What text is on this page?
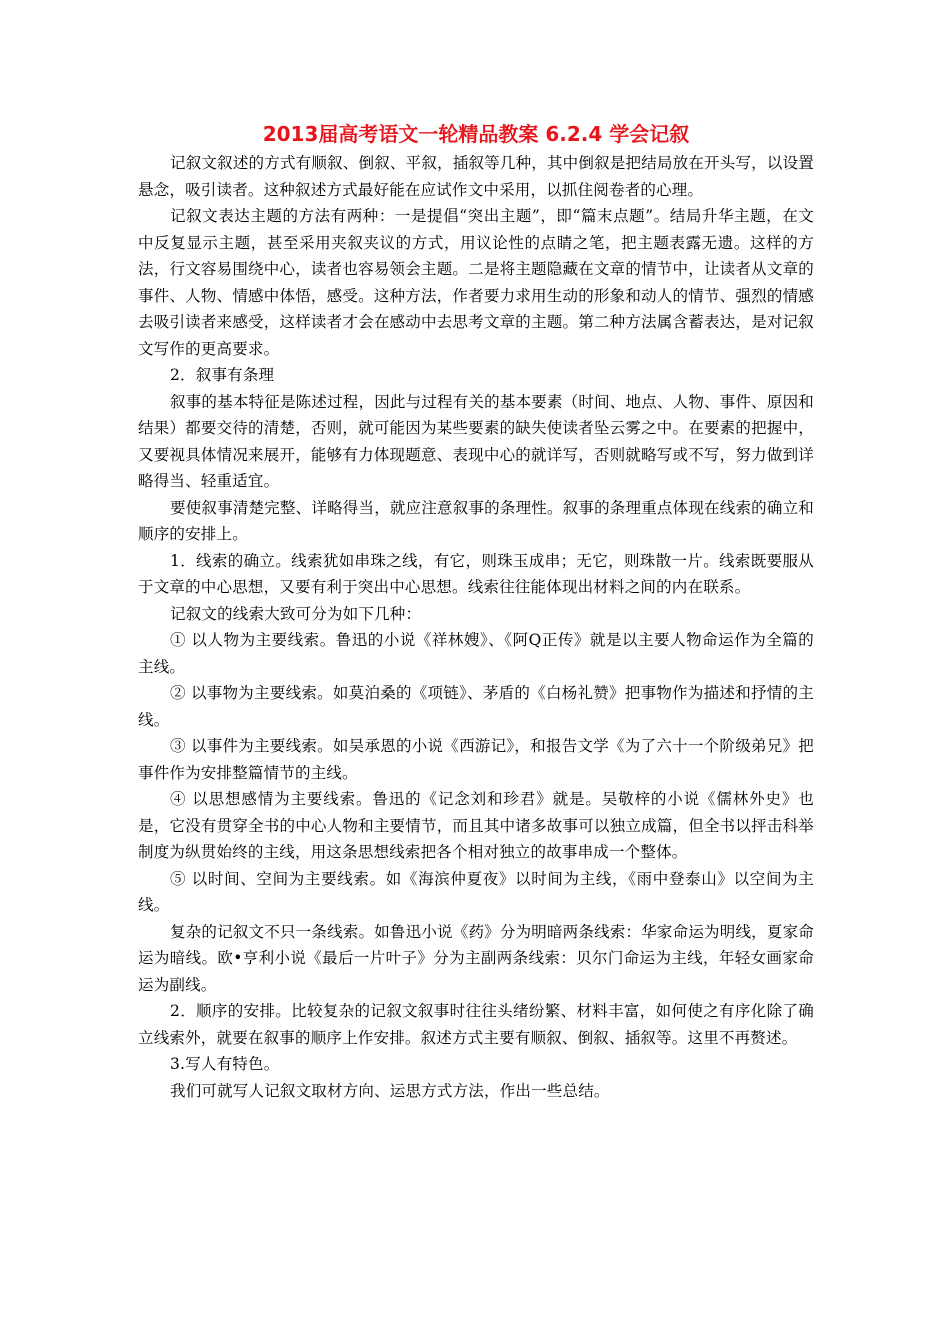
2013届高考语文一轮精品教案 6.2.4 学会记叙

记叙文叙述的方式有顺叙、倒叙、平叙，插叙等几种，其中倒叙是把结局放在开头写，以设置悬念，吸引读者。这种叙述方式最好能在应试作文中采用，以抓住阅卷者的心理。

记叙文表达主题的方法有两种：一是提倡“突出主题”，即“篇末点题”。结局升华主题，在文中反复显示主题，甚至采用夹叙夹议的方式，用议论性的点睛之笔，把主题表露无遗。这样的方法，行文容易围绕中心，读者也容易领会主题。二是将主题隐藏在文章的情节中，让读者从文章的事件、人物、情感中体悟，感受。这种方法，作者要力求用生动的形象和动人的情节、强烈的情感去吸引读者来感受，这样读者才会在感动中去思考文章的主题。第二种方法属含蓄表达，是对记叙文写作的更高要求。

2．叙事有条理

叙事的基本特征是陈述过程，因此与过程有关的基本要素（时间、地点、人物、事件、原因和结果）都要交待的清楚，否则，就可能因为某些要素的缺失使读者坠云雾之中。在要素的把握中，又要视具体情况来展开，能够有力体现题意、表现中心的就详写，否则就略写或不写，努力做到详略得当、轻重适宜。

要使叙事清楚完整、详略得当，就应注意叙事的条理性。叙事的条理重点体现在线索的确立和顺序的安排上。

1．线索的确立。线索犹如串珠之线，有它，则珠玉成串；无它，则珠散一片。线索既要服从于文章的中心思想，又要有利于突出中心思想。线索往往能体现出材料之间的内在联系。

记叙文的线索大致可分为如下几种：

① 以人物为主要线索。鲁迅的小说《祥林嫂》、《阿Q正传》就是以主要人物命运作为全篇的主线。

② 以事物为主要线索。如莫泊桑的《项链》、茅盾的《白杨礼赞》把事物作为描述和抒情的主线。

③ 以事件为主要线索。如吴承恩的小说《西游记》，和报告文学《为了六十一个阶级弟兄》把事件作为安排整篇情节的主线。

④ 以思想感情为主要线索。鲁迅的《记念刘和珍君》就是。吴敬梓的小说《儒林外史》也是，它没有贯穿全书的中心人物和主要情节，而且其中诸多故事可以独立成篇，但全书以抨击科举制度为纵贯始终的主线，用这条思想线索把各个相对独立的故事串成一个整体。

⑤ 以时间、空间为主要线索。如《海滨仲夏夜》以时间为主线，《雨中登泰山》以空间为主线。

复杂的记叙文不只一条线索。如鲁迅小说《药》分为明暗两条线索：华家命运为明线，夏家命运为暗线。欧•亨利小说《最后一片叶子》分为主副两条线索：贝尔门命运为主线，年轻女画家命运为副线。

2．顺序的安排。比较复杂的记叙文叙事时往往头绪纷繁、材料丰富，如何使之有序化除了确立线索外，就要在叙事的顺序上作安排。叙述方式主要有顺叙、倒叙、插叙等。这里不再赘述。

3.写人有特色。

我们可就写人记叙文取材方向、运思方式方法，作出一些总结。
